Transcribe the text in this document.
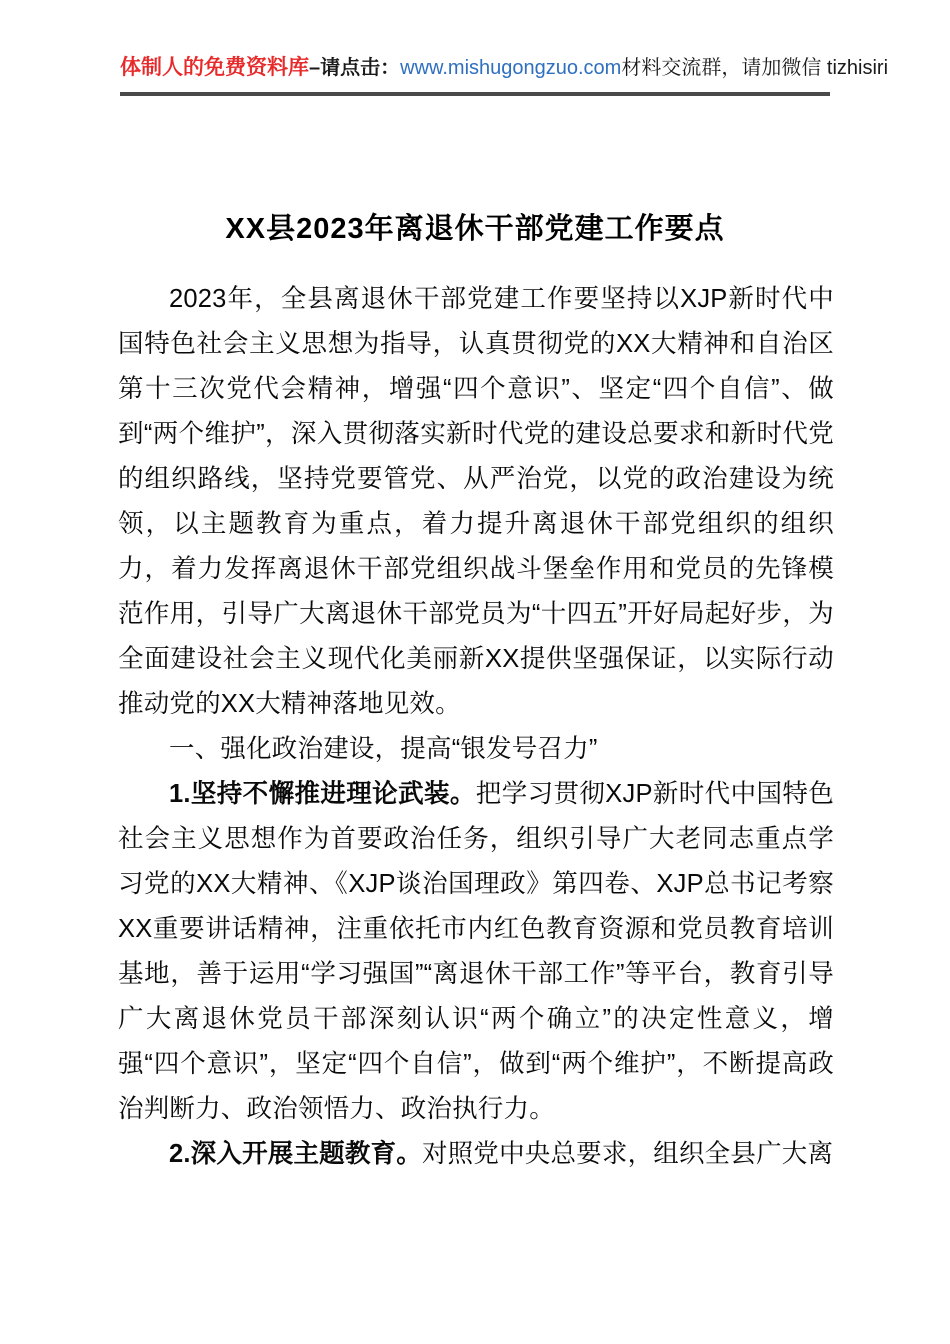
体制人的免费资料库–请点击：www.mishugongzuo.com材料交流群，请加微信 tizhisiri
XX县2023年离退休干部党建工作要点

2023年，全县离退休干部党建工作要坚持以XJP新时代中国特色社会主义思想为指导，认真贯彻党的XX大精神和自治区第十三次党代会精神，增强“四个意识”、坚定“四个自信”、做到“两个维护”，深入贯彻落实新时代党的建设总要求和新时代党的组织路线，坚持党要管党、从严治党，以党的政治建设为统领，以主题教育为重点，着力提升离退休干部党组织的组织力，着力发挥离退休干部党组织战斗堡垒作用和党员的先锋模范作用，引导广大离退休干部党员为“十四五”开好局起好步，为全面建设社会主义现代化美丽新XX提供坚强保证，以实际行动推动党的XX大精神落地见效。

一、强化政治建设，提高“银发号召力”

1.坚持不懈推进理论武装。把学习贯彻XJP新时代中国特色社会主义思想作为首要政治任务，组织引导广大老同志重点学习党的XX大精神、《XJP谈治国理政》第四卷、XJP总书记考察XX重要讲话精神，注重依托市内红色教育资源和党员教育培训基地，善于运用“学习强国”“离退休干部工作”等平台，教育引导广大离退休党员干部深刻认识“两个确立”的决定性意义，增强“四个意识”，坚定“四个自信”，做到“两个维护”，不断提高政治判断力、政治领悟力、政治执行力。

2.深入开展主题教育。对照党中央总要求，组织全县广大离
